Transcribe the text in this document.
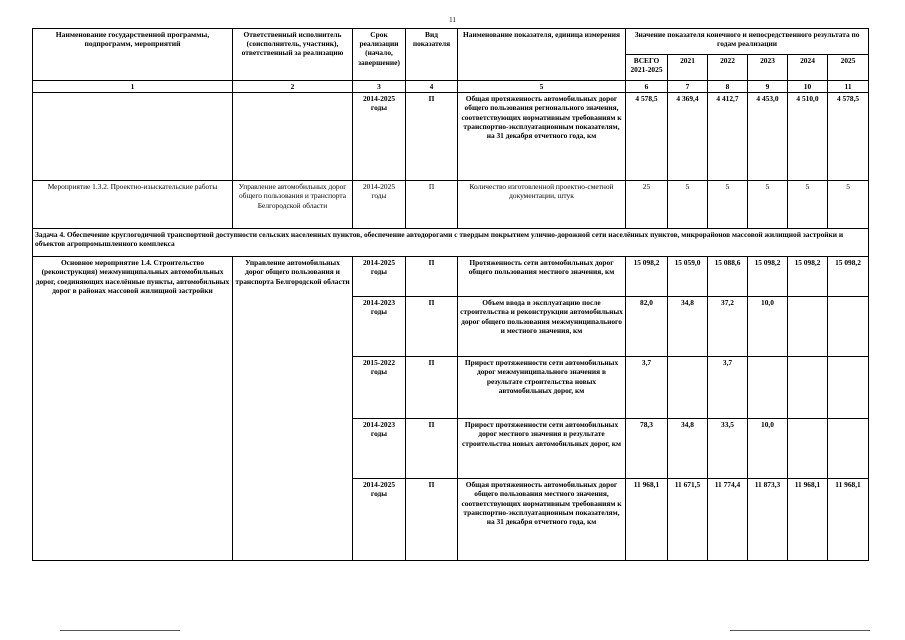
11
Наименование государственной программы, подпрограмм, мероприятий	Ответственный исполнитель (соисполнитель, участник), ответственный за реализацию	Срок реализации (начало, завершение)	Вид показателя	Наименование показателя, единица измерения	Значение показателя конечного и непосредственного результата по годам реализации					
					ВСЕГО 2021-2025	2021	2022	2023	2024	2025
1	2	3	4	5	6	7	8	9	10	11
		2014-2025 годы	П	Общая протяженность автомобильных дорог общего пользования регионального значения, соответствующих нормативным требованиям к транспортно-эксплуатационным показателям, на 31 декабря отчетного года, км	4 578,5	4 369,4	4 412,7	4 453,0	4 510,0	4 578,5
Мероприятие 1.3.2. Проектно-изыскательские работы	Управление автомобильных дорог общего пользования и транспорта Белгородской области	2014-2025 годы	П	Количество изготовленной проектно-сметной документации, штук	25	5	5	5	5	5
Задача 4. Обеспечение круглогодичной транспортной доступности сельских населенных пунктов, обеспечение автодорогами с твердым покрытием улично-дорожной сети населённых пунктов, микрорайонов массовой жилищной застройки и объектов агропромышленного комплекса										
Основное мероприятие 1.4. Строительство (реконструкция) межмуниципальных автомобильных дорог, соединяющих населённые пункты, автомобильных дорог в районах массовой жилищной застройки	Управление автомобильных дорог общего пользования и транспорта Белгородской области	2014-2025 годы	П	Протяженность сети автомобильных дорог общего пользования местного значения, км	15 098,2	15 059,0	15 088,6	15 098,2	15 098,2	15 098,2
		2014-2023 годы	П	Объем ввода в эксплуатацию после строительства и реконструкции автомобильных дорог общего пользования межмуниципального и местного значения, км	82,0	34,8	37,2	10,0		
		2015-2022 годы	П	Прирост протяженности сети автомобильных дорог межмуниципального значения в результате строительства новых автомобильных дорог, км	3,7		3,7			
		2014-2023 годы	П	Прирост протяженности сети автомобильных дорог местного значения в результате строительства новых автомобильных дорог, км	78,3	34,8	33,5	10,0		
		2014-2025 годы	П	Общая протяженность автомобильных дорог общего пользования местного значения, соответствующих нормативным требованиям к транспортно-эксплуатационным показателям, на 31 декабря отчетного года, км	11 968,1	11 671,5	11 774,4	11 873,3	11 968,1	11 968,1
